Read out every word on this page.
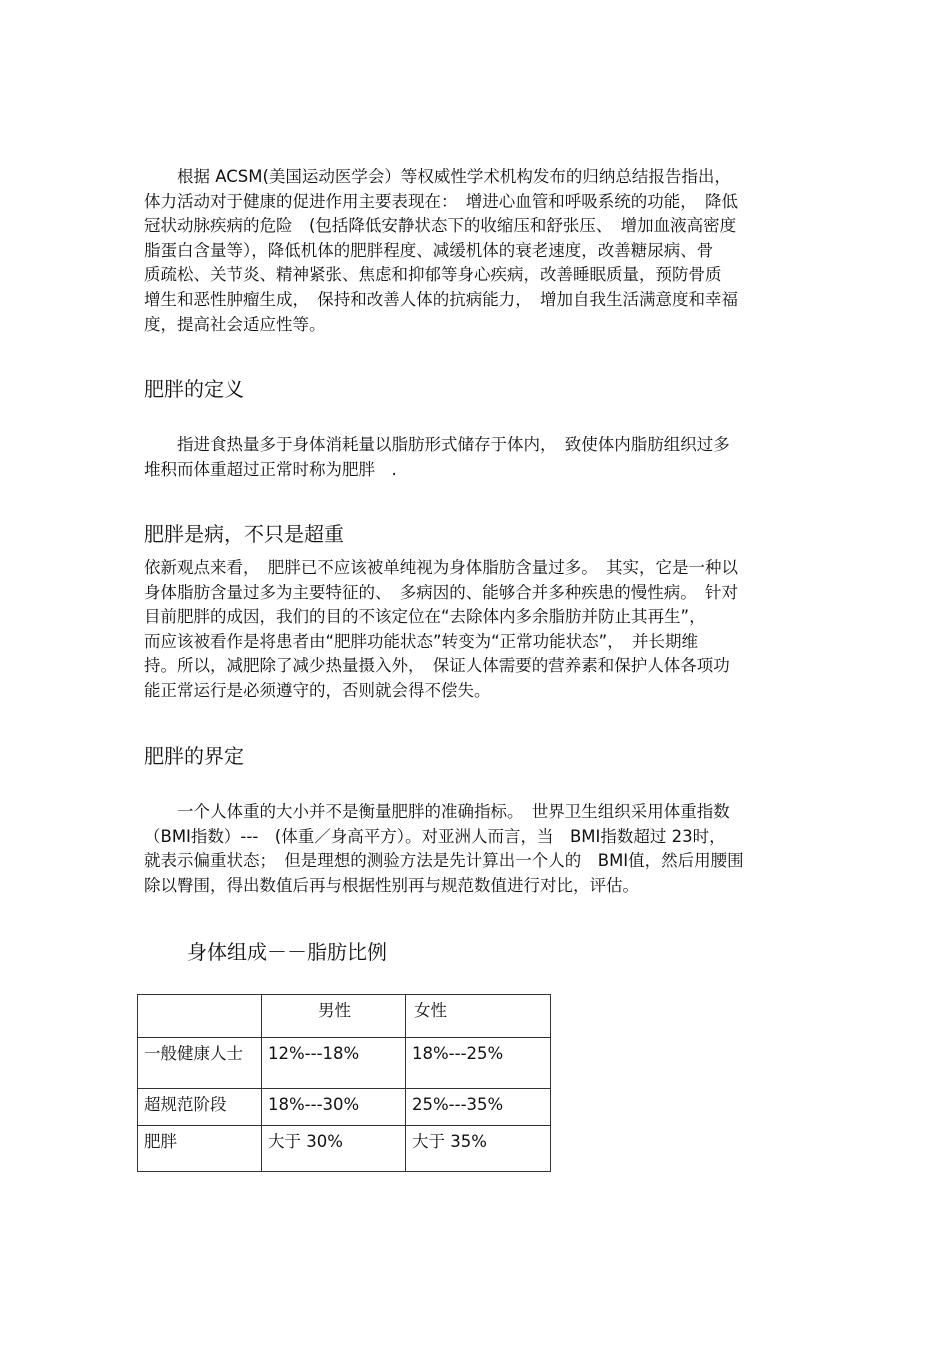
　　根据 ACSM(美国运动医学会）等权威性学术机构发布的归纳总结报告指出，
体力活动对于健康的促进作用主要表现在：　增进心血管和呼吸系统的功能，　降低
冠状动脉疾病的危险　(包括降低安静状态下的收缩压和舒张压、　增加血液高密度
脂蛋白含量等），降低机体的肥胖程度、减缓机体的衰老速度，改善糖尿病、骨
质疏松、关节炎、精神紧张、焦虑和抑郁等身心疾病，改善睡眠质量，预防骨质
增生和恶性肿瘤生成，　保持和改善人体的抗病能力，　增加自我生活满意度和幸福
度，提高社会适应性等。
肥胖的定义
　　指进食热量多于身体消耗量以脂肪形式储存于体内，　致使体内脂肪组织过多
堆积而体重超过正常时称为肥胖　.
肥胖是病，不只是超重
依新观点来看，　肥胖已不应该被单纯视为身体脂肪含量过多。　其实，它是一种以
身体脂肪含量过多为主要特征的、　多病因的、能够合并多种疾患的慢性病。　针对
目前肥胖的成因，我们的目的不该定位在“去除体内多余脂肪并防止其再生”，
而应该被看作是将患者由“肥胖功能状态”转变为“正常功能状态”，　并长期维
持。所以，减肥除了减少热量摄入外，　保证人体需要的营养素和保护人体各项功
能正常运行是必须遵守的，否则就会得不偿失。
肥胖的界定
　　一个人体重的大小并不是衡量肥胖的准确指标。　世界卫生组织采用体重指数
（BMI指数）---　(体重／身高平方）。对亚洲人而言，当　BMI指数超过 23时，
就表示偏重状态；　但是理想的测验方法是先计算出一个人的　BMI值，然后用腰围
除以臀围，得出数值后再与根据性别再与规范数值进行对比，评估。
身体组成－－脂肪比例
	男性	女性
一般健康人士	12%---18%	18%---25%
超规范阶段	18%---30%	25%---35%
肥胖	大于 30%	大于 35%
